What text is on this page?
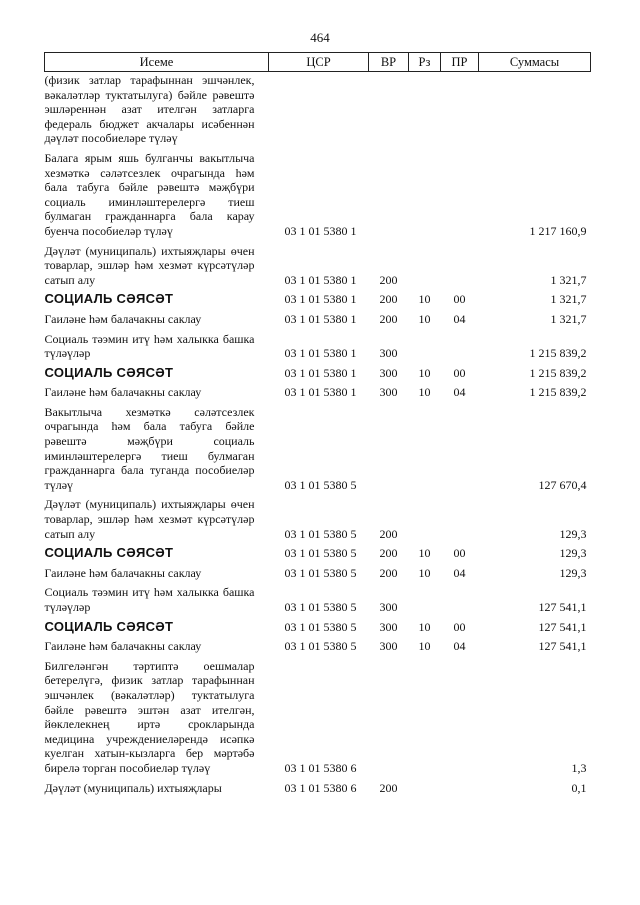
464
Исеме	ЦСР	ВР	Рз	ПР	Суммасы
(физик затлар тарафыннан эшчәнлек, вәкаләтләр туктатылуга) бәйле рәвештә эшләреннән азат ителгән затларга федераль бюджет акчалары исәбеннән дәүләт пособиеләре түләү					
Балага ярым яшь булганчы вакытлыча хезмәткә сәләтсезлек очрагында һәм бала табуга бәйле рәвештә мәҗбүри социаль иминләштерелергә тиеш булмаган гражданнарга бала карау буенча пособиеләр түләү	03 1 01 5380 1				1 217 160,9
Дәүләт (муниципаль) ихтыяҗлары өчен товарлар, эшләр һәм хезмәт күрсәтүләр сатып алу	03 1 01 5380 1	200			1 321,7
СОЦИАЛЬ СӘЯСӘТ	03 1 01 5380 1	200	10	00	1 321,7
Гаиләне һәм балачакны саклау	03 1 01 5380 1	200	10	04	1 321,7
Социаль тәэмин итү һәм халыкка башка түләүләр	03 1 01 5380 1	300			1 215 839,2
СОЦИАЛЬ СӘЯСӘТ	03 1 01 5380 1	300	10	00	1 215 839,2
Гаиләне һәм балачакны саклау	03 1 01 5380 1	300	10	04	1 215 839,2
Вакытлыча хезмәткә сәләтсезлек очрагында һәм бала табуга бәйле рәвештә мәҗбүри социаль иминләштерелергә тиеш булмаган гражданнарга бала туганда пособиеләр түләү	03 1 01 5380 5				127 670,4
Дәүләт (муниципаль) ихтыяҗлары өчен товарлар, эшләр һәм хезмәт күрсәтүләр сатып алу	03 1 01 5380 5	200			129,3
СОЦИАЛЬ СӘЯСӘТ	03 1 01 5380 5	200	10	00	129,3
Гаиләне һәм балачакны саклау	03 1 01 5380 5	200	10	04	129,3
Социаль тәэмин итү һәм халыкка башка түләүләр	03 1 01 5380 5	300			127 541,1
СОЦИАЛЬ СӘЯСӘТ	03 1 01 5380 5	300	10	00	127 541,1
Гаиләне һәм балачакны саклау	03 1 01 5380 5	300	10	04	127 541,1
Билгеләнгән тәртиптә оешмалар бетерелүгә, физик затлар тарафыннан эшчәнлек (вәкаләтләр) туктатылуга бәйле рәвештә эштән азат ителгән, йөклелекнең иртә срокларында медицина учреждениеләрендә исәпкә куелган хатын-кызларга бер мәртәбә бирелә торган пособиеләр түләү	03 1 01 5380 6				1,3
Дәүләт (муниципаль) ихтыяҗлары	03 1 01 5380 6	200			0,1
